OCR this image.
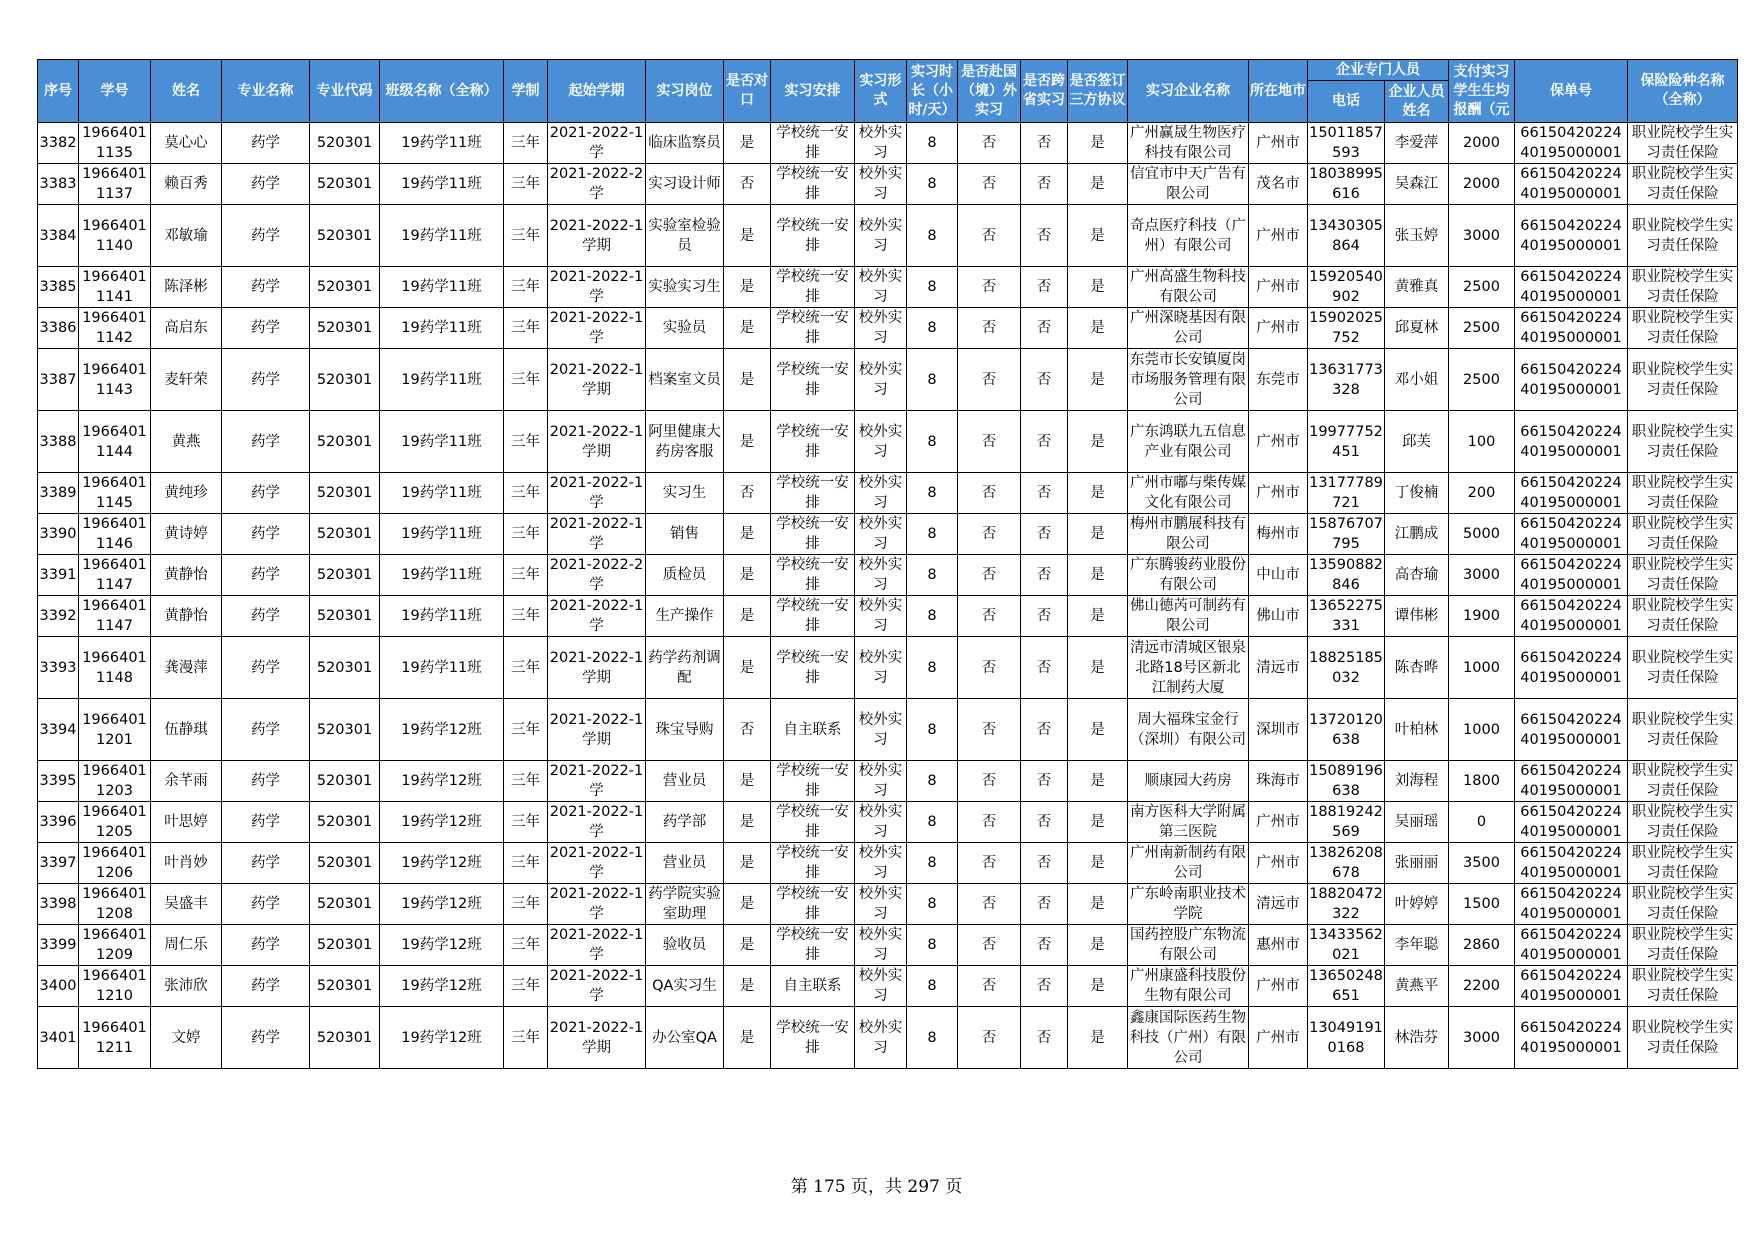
序号	学号	姓名	专业名称	专业代码	班级名称（全称）	学制	起始学期	实习岗位	是否对口	实习安排	实习形式	实习时长（小时/天）	是否赴国（境）外实习	是否跨省实习	是否签订三方协议	实习企业名称	所在地市	企业专门人员		支付实习学生生均报酬（元	保单号	保险险种名称（全称）
																		电话	企业人员姓名			
3382	19664011135	莫心心	药学	520301	19药学11班	三年	2021-2022-1学	临床监察员	是	学校统一安排	校外实习	8	否	否	是	广州赢晟生物医疗科技有限公司	广州市	15011857593	李爱萍	2000	6615042022440195000001	职业院校学生实习责任保险
3383	19664011137	赖百秀	药学	520301	19药学11班	三年	2021-2022-2学	实习设计师	否	学校统一安排	校外实习	8	否	否	是	信宜市中天广告有限公司	茂名市	18038995616	吴森江	2000	6615042022440195000001	职业院校学生实习责任保险
3384	19664011140	邓敏瑜	药学	520301	19药学11班	三年	2021-2022-1学期	实验室检验员	是	学校统一安排	校外实习	8	否	否	是	奇点医疗科技（广州）有限公司	广州市	13430305864	张玉婷	3000	6615042022440195000001	职业院校学生实习责任保险
3385	19664011141	陈泽彬	药学	520301	19药学11班	三年	2021-2022-1学	实验实习生	是	学校统一安排	校外实习	8	否	否	是	广州高盛生物科技有限公司	广州市	15920540902	黄雅真	2500	6615042022440195000001	职业院校学生实习责任保险
3386	19664011142	高启东	药学	520301	19药学11班	三年	2021-2022-1学	实验员	是	学校统一安排	校外实习	8	否	否	是	广州深晓基因有限公司	广州市	15902025752	邱夏林	2500	6615042022440195000001	职业院校学生实习责任保险
3387	19664011143	麦轩荣	药学	520301	19药学11班	三年	2021-2022-1学期	档案室文员	是	学校统一安排	校外实习	8	否	否	是	东莞市长安镇厦岗市场服务管理有限公司	东莞市	13631773328	邓小姐	2500	6615042022440195000001	职业院校学生实习责任保险
3388	19664011144	黄燕	药学	520301	19药学11班	三年	2021-2022-1学期	阿里健康大药房客服	是	学校统一安排	校外实习	8	否	否	是	广东鸿联九五信息产业有限公司	广州市	19977752451	邱芙	100	6615042022440195000001	职业院校学生实习责任保险
3389	19664011145	黄纯珍	药学	520301	19药学11班	三年	2021-2022-1学	实习生	否	学校统一安排	校外实习	8	否	否	是	广州市嘟与柴传媒文化有限公司	广州市	13177789721	丁俊楠	200	6615042022440195000001	职业院校学生实习责任保险
3390	19664011146	黄诗婷	药学	520301	19药学11班	三年	2021-2022-1学	销售	是	学校统一安排	校外实习	8	否	否	是	梅州市鹏展科技有限公司	梅州市	15876707795	江鹏成	5000	6615042022440195000001	职业院校学生实习责任保险
3391	19664011147	黄静怡	药学	520301	19药学11班	三年	2021-2022-2学	质检员	是	学校统一安排	校外实习	8	否	否	是	广东腾骏药业股份有限公司	中山市	13590882846	高杏瑜	3000	6615042022440195000001	职业院校学生实习责任保险
3392	19664011147	黄静怡	药学	520301	19药学11班	三年	2021-2022-1学	生产操作	是	学校统一安排	校外实习	8	否	否	是	佛山德芮可制药有限公司	佛山市	13652275331	谭伟彬	1900	6615042022440195000001	职业院校学生实习责任保险
3393	19664011148	龚漫萍	药学	520301	19药学11班	三年	2021-2022-1学期	药学药剂调配	是	学校统一安排	校外实习	8	否	否	是	清远市清城区银泉北路18号区新北江制药大厦	清远市	18825185032	陈杏晔	1000	6615042022440195000001	职业院校学生实习责任保险
3394	19664011201	伍静琪	药学	520301	19药学12班	三年	2021-2022-1学期	珠宝导购	否	自主联系	校外实习	8	否	否	是	周大福珠宝金行（深圳）有限公司	深圳市	13720120638	叶柏林	1000	6615042022440195000001	职业院校学生实习责任保险
3395	19664011203	余芊雨	药学	520301	19药学12班	三年	2021-2022-1学	营业员	是	学校统一安排	校外实习	8	否	否	是	顺康园大药房	珠海市	15089196638	刘海程	1800	6615042022440195000001	职业院校学生实习责任保险
3396	19664011205	叶思婷	药学	520301	19药学12班	三年	2021-2022-1学	药学部	是	学校统一安排	校外实习	8	否	否	是	南方医科大学附属第三医院	广州市	18819242569	吴丽瑶	0	6615042022440195000001	职业院校学生实习责任保险
3397	19664011206	叶肖妙	药学	520301	19药学12班	三年	2021-2022-1学	营业员	是	学校统一安排	校外实习	8	否	否	是	广州南新制药有限公司	广州市	13826208678	张丽丽	3500	6615042022440195000001	职业院校学生实习责任保险
3398	19664011208	吴盛丰	药学	520301	19药学12班	三年	2021-2022-1学	药学院实验室助理	是	学校统一安排	校外实习	8	否	否	是	广东岭南职业技术学院	清远市	18820472322	叶婷婷	1500	6615042022440195000001	职业院校学生实习责任保险
3399	19664011209	周仁乐	药学	520301	19药学12班	三年	2021-2022-1学	验收员	是	学校统一安排	校外实习	8	否	否	是	国药控股广东物流有限公司	惠州市	13433562021	李年聪	2860	6615042022440195000001	职业院校学生实习责任保险
3400	19664011210	张沛欣	药学	520301	19药学12班	三年	2021-2022-1学	QA实习生	是	自主联系	校外实习	8	否	否	是	广州康盛科技股份生物有限公司	广州市	13650248651	黄燕平	2200	6615042022440195000001	职业院校学生实习责任保险
3401	19664011211	文婷	药学	520301	19药学12班	三年	2021-2022-1学期	办公室QA	是	学校统一安排	校外实习	8	否	否	是	鑫康国际医药生物科技（广州）有限公司	广州市	13049191 0168	林浩芬	3000	6615042022440195000001	职业院校学生实习责任保险
第 175 页，共 297 页
